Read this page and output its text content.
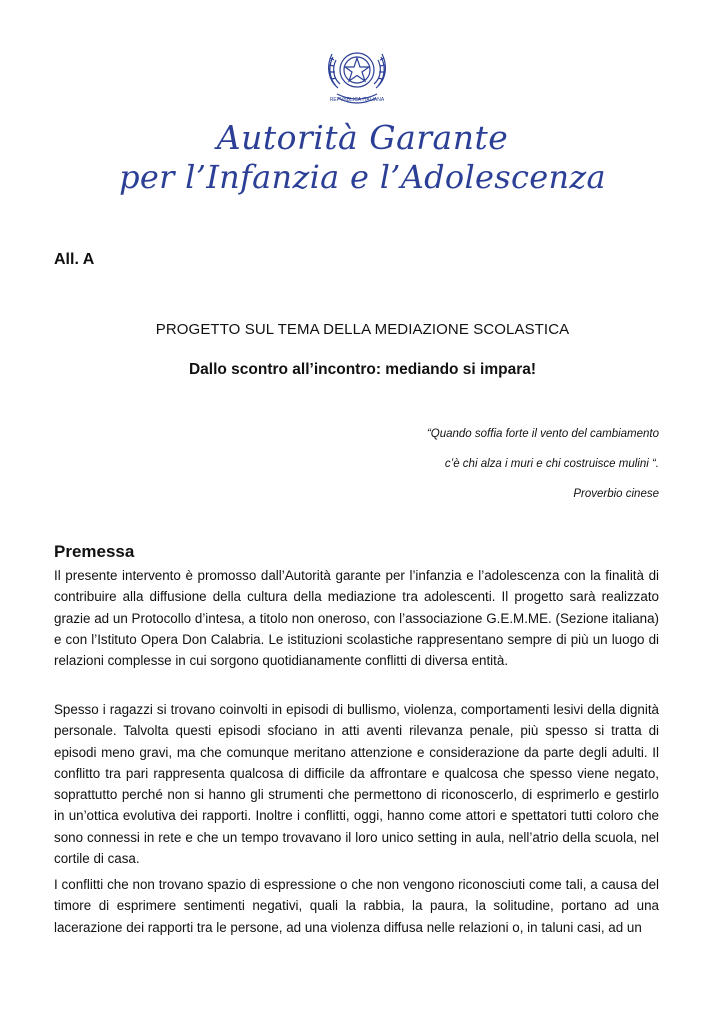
REPVBBLICA ITALIANA
Autorità Garante
per l’Infanzia e l’Adolescenza
All. A
PROGETTO SUL TEMA DELLA MEDIAZIONE SCOLASTICA
Dallo scontro all’incontro: mediando si impara!
“Quando soffia forte il vento del cambiamento
c’è chi alza i muri e chi costruisce mulini “.
Proverbio cinese
Premessa

Il presente intervento è promosso dall’Autorità garante per l’infanzia e l’adolescenza con la finalità di contribuire alla diffusione della cultura della mediazione tra adolescenti. Il progetto sarà realizzato grazie ad un Protocollo d’intesa, a titolo non oneroso, con l’associazione G.E.M.ME. (Sezione italiana) e con l’Istituto Opera Don Calabria. Le istituzioni scolastiche rappresentano sempre di più un luogo di relazioni complesse in cui sorgono quotidianamente conflitti di diversa entità.

Spesso i ragazzi si trovano coinvolti in episodi di bullismo, violenza, comportamenti lesivi della dignità personale. Talvolta questi episodi sfociano in atti aventi rilevanza penale, più spesso si tratta di episodi meno gravi, ma che comunque meritano attenzione e considerazione da parte degli adulti. Il conflitto tra pari rappresenta qualcosa di difficile da affrontare e qualcosa che spesso viene negato, soprattutto perché non si hanno gli strumenti che permettono di riconoscerlo, di esprimerlo e gestirlo in un’ottica evolutiva dei rapporti. Inoltre i conflitti, oggi, hanno come attori e spettatori tutti coloro che sono connessi in rete e che un tempo trovavano il loro unico setting in aula, nell’atrio della scuola, nel cortile di casa.

I conflitti che non trovano spazio di espressione o che non vengono riconosciuti come tali, a causa del timore di esprimere sentimenti negativi, quali la rabbia, la paura, la solitudine, portano ad una lacerazione dei rapporti tra le persone, ad una violenza diffusa nelle relazioni o, in taluni casi, ad un
